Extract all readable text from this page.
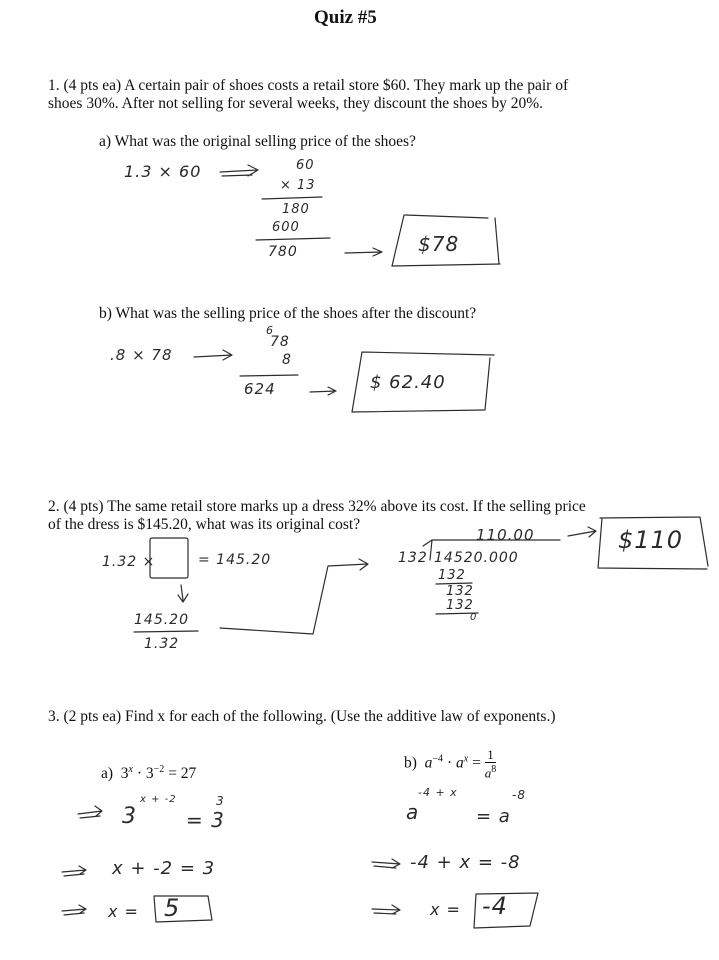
Quiz #5
1. (4 pts ea) A certain pair of shoes costs a retail store $60. They mark up the pair of
shoes 30%. After not selling for several weeks, they discount the shoes by 20%.
a) What was the original selling price of the shoes?
1.3 × 60	60
× 13
180
600
780	$78
b) What was the selling price of the shoes after the discount?
.8 × 78
6
78
8
624	$ 62.40
2. (4 pts) The same retail store marks up a dress 32% above its cost. If the selling price
of the dress is $145.20, what was its original cost?
1.32 ×	= 145.20
145.20
1.32
110.00
132 14520.000
132
132
132
0
$110
3. (2 pts ea) Find x for each of the following. (Use the additive law of exponents.)
a)  $3^x \cdot 3^{-2} = 27$
b) $a^{-4} \cdot a^x = \frac{1}{a^8}$
3
x + -2
= 3
3
x + -2 = 3
x = 5
a
-4 + x
= a
-8
-4 + x = -8
x = -4
